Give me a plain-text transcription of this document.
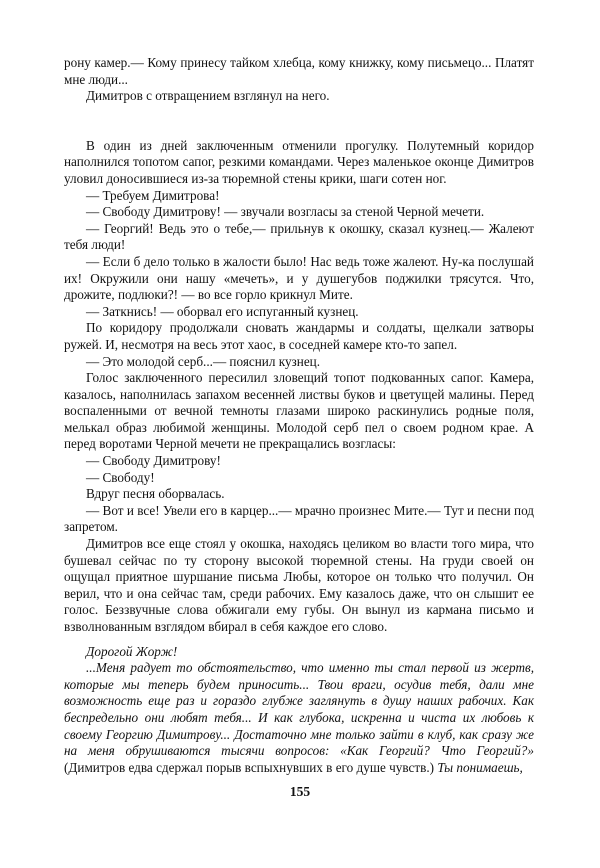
рону камер.— Кому принесу тайком хлебца, кому книжку, кому письмецо... Платят мне люди...

Димитров с отвращением взглянул на него.

В один из дней заключенным отменили прогулку. Полутемный коридор наполнился топотом сапог, резкими командами. Через маленькое оконце Димитров уловил доносившиеся из-за тюремной стены крики, шаги сотен ног.

— Требуем Димитрова!

— Свободу Димитрову! — звучали возгласы за стеной Черной мечети.

— Георгий! Ведь это о тебе,— прильнув к окошку, сказал кузнец.— Жалеют тебя люди!

— Если б дело только в жалости было! Нас ведь тоже жалеют. Ну-ка послушай их! Окружили они нашу «мечеть», и у душегубов поджилки трясутся. Что, дрожите, подлюки?! — во все горло крикнул Мите.

— Заткнись! — оборвал его испуганный кузнец.

По коридору продолжали сновать жандармы и солдаты, щелкали затворы ружей. И, несмотря на весь этот хаос, в соседней камере кто-то запел.

— Это молодой серб...— пояснил кузнец.

Голос заключенного пересилил зловещий топот подкованных сапог. Камера, казалось, наполнилась запахом весенней листвы буков и цветущей малины. Перед воспаленными от вечной темноты глазами широко раскинулись родные поля, мелькал образ любимой женщины. Молодой серб пел о своем родном крае. А перед воротами Черной мечети не прекращались возгласы:

— Свободу Димитрову!

— Свободу!

Вдруг песня оборвалась.

— Вот и все! Увели его в карцер...— мрачно произнес Мите.— Тут и песни под запретом.

Димитров все еще стоял у окошка, находясь целиком во власти того мира, что бушевал сейчас по ту сторону высокой тюремной стены. На груди своей он ощущал приятное шуршание письма Любы, которое он только что получил. Он верил, что и она сейчас там, среди рабочих. Ему казалось даже, что он слышит ее голос. Беззвучные слова обжигали ему губы. Он вынул из кармана письмо и взволнованным взглядом вбирал в себя каждое его слово.

Дорогой Жорж!

...Меня радует то обстоятельство, что именно ты стал первой из жертв, которые мы теперь будем приносить... Твои враги, осудив тебя, дали мне возможность еще раз и гораздо глубже заглянуть в душу наших рабочих. Как беспредельно они любят тебя... И как глубока, искренна и чиста их любовь к своему Георгию Димитрову... Достаточно мне только зайти в клуб, как сразу же на меня обрушиваются тысячи вопросов: «Как Георгий? Что Георгий?» (Димитров едва сдержал порыв вспыхнувших в его душе чувств.) Ты понимаешь,

155
